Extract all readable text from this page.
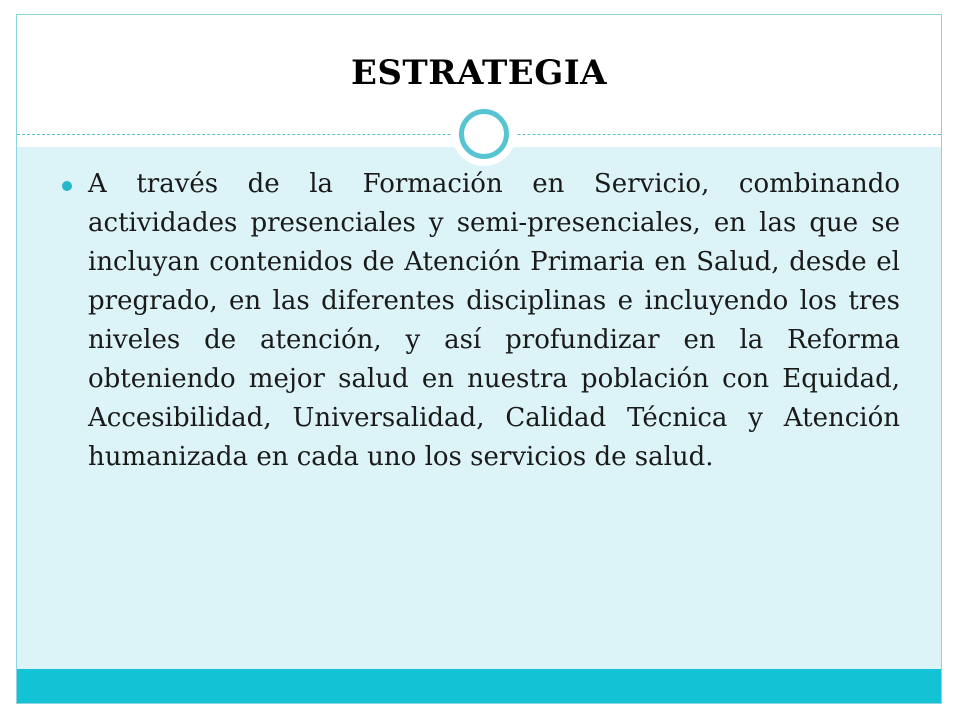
ESTRATEGIA
A través de la Formación en Servicio, combinando actividades presenciales y semi-presenciales, en las que se incluyan contenidos de Atención Primaria en Salud, desde el pregrado, en las diferentes disciplinas e incluyendo los tres niveles de atención, y así profundizar en la Reforma obteniendo mejor salud en nuestra población con Equidad, Accesibilidad, Universalidad, Calidad Técnica y Atención humanizada en cada uno los servicios de salud.
